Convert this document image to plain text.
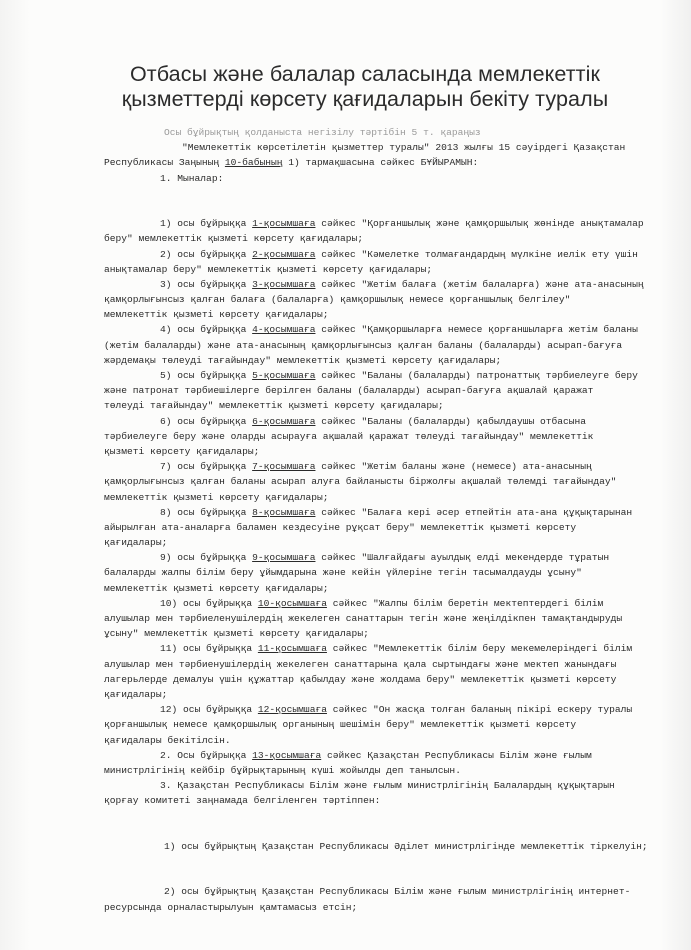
Отбасы және балалар саласында мемлекеттік
қызметтерді көрсету қағидаларын бекіту туралы
Осы бұйрықтың қолданыста негізілу тәртібін 5 т. қараңыз
"Мемлекеттік көрсетілетін қызметтер туралы" 2013 жылғы 15 сәуірдегі Қазақстан
Республикасы Заңының 10-бабының 1) тармақшасына сәйкес БҰЙЫРАМЫН:
1. Мыналар:
1) осы бұйрыққа 1-қосымшаға сәйкес "Қорғаншылық және қамқоршылық жөнінде анықтамалар
беру" мемлекеттік қызметі көрсету қағидалары;
2) осы бұйрыққа 2-қосымшаға сәйкес "Кәмелетке толмағандардың мүлкіне иелік ету үшін
анықтамалар беру" мемлекеттік қызметі көрсету қағидалары;
3) осы бұйрыққа 3-қосымшаға сәйкес "Жетім балаға (жетім балаларға) және ата-анасының
қамқорлығынсыз қалған балаға (балаларға) қамқоршылық немесе қорғаншылық белгілеу"
мемлекеттік қызметі көрсету қағидалары;
4) осы бұйрыққа 4-қосымшаға сәйкес "Қамқоршыларға немесе қорғаншыларға жетім баланы
(жетім балаларды) және ата-анасының қамқорлығынсыз қалған баланы (балаларды) асырап-бағуға
жәрдемақы төлеуді тағайындау" мемлекеттік қызметі көрсету қағидалары;
5) осы бұйрыққа 5-қосымшаға сәйкес "Баланы (балаларды) патронаттық тәрбиелеуге беру
және патронат тәрбиешілерге берілген баланы (балаларды) асырап-бағуға ақшалай қаражат
төлеуді тағайындау" мемлекеттік қызметі көрсету қағидалары;
6) осы бұйрыққа 6-қосымшаға сәйкес "Баланы (балаларды) қабылдаушы отбасына
тәрбиелеуге беру және оларды асырауға ақшалай қаражат төлеуді тағайындау" мемлекеттік
қызметі көрсету қағидалары;
7) осы бұйрыққа 7-қосымшаға сәйкес "Жетім баланы және (немесе) ата-анасының
қамқорлығынсыз қалған баланы асырап алуға байланысты біржолғы ақшалай төлемді тағайындау"
мемлекеттік қызметі көрсету қағидалары;
8) осы бұйрыққа 8-қосымшаға сәйкес "Балаға кері әсер етпейтін ата-ана құқықтарынан
айырылған ата-аналарға баламен кездесуіне рұқсат беру" мемлекеттік қызметі көрсету
қағидалары;
9) осы бұйрыққа 9-қосымшаға сәйкес "Шалғайдағы ауылдық елді мекендерде тұратын
балаларды жалпы білім беру ұйымдарына және кейін үйлеріне тегін тасымалдауды ұсыну"
мемлекеттік қызметі көрсету қағидалары;
10) осы бұйрыққа 10-қосымшаға сәйкес "Жалпы білім беретін мектептердегі білім
алушылар мен тәрбиеленушілердің жекелеген санаттарын тегін және жеңілдікпен тамақтандыруды
ұсыну" мемлекеттік қызметі көрсету қағидалары;
11) осы бұйрыққа 11-қосымшаға сәйкес "Мемлекеттік білім беру мекемелеріндегі білім
алушылар мен тәрбиенушілердің жекелеген санаттарына қала сыртындағы және мектеп жанындағы
лагерьлерде демалуы үшін құжаттар қабылдау және жолдама беру" мемлекеттік қызметі көрсету
қағидалары;
12) осы бұйрыққа 12-қосымшаға сәйкес "Он жасқа толған баланың пікірі ескеру туралы
қорғаншылық немесе қамқоршылық органының шешімін беру" мемлекеттік қызметі көрсету
қағидалары бекітілсін.
2. Осы бұйрыққа 13-қосымшаға сәйкес Қазақстан Республикасы Білім және ғылым
министрлігінің кейбір бұйрықтарының күші жойылды деп танылсын.
3. Қазақстан Республикасы Білім және ғылым министрлігінің Балалардың құқықтарын
қорғау комитеті заңнамада белгіленген тәртіппен:
1) осы бұйрықтың Қазақстан Республикасы Әділет министрлігінде мемлекеттік тіркелуін;
2) осы бұйрықтың Қазақстан Республикасы Білім және ғылым министрлігінің интернет-
ресурсында орналастырылуын қамтамасыз етсін;
